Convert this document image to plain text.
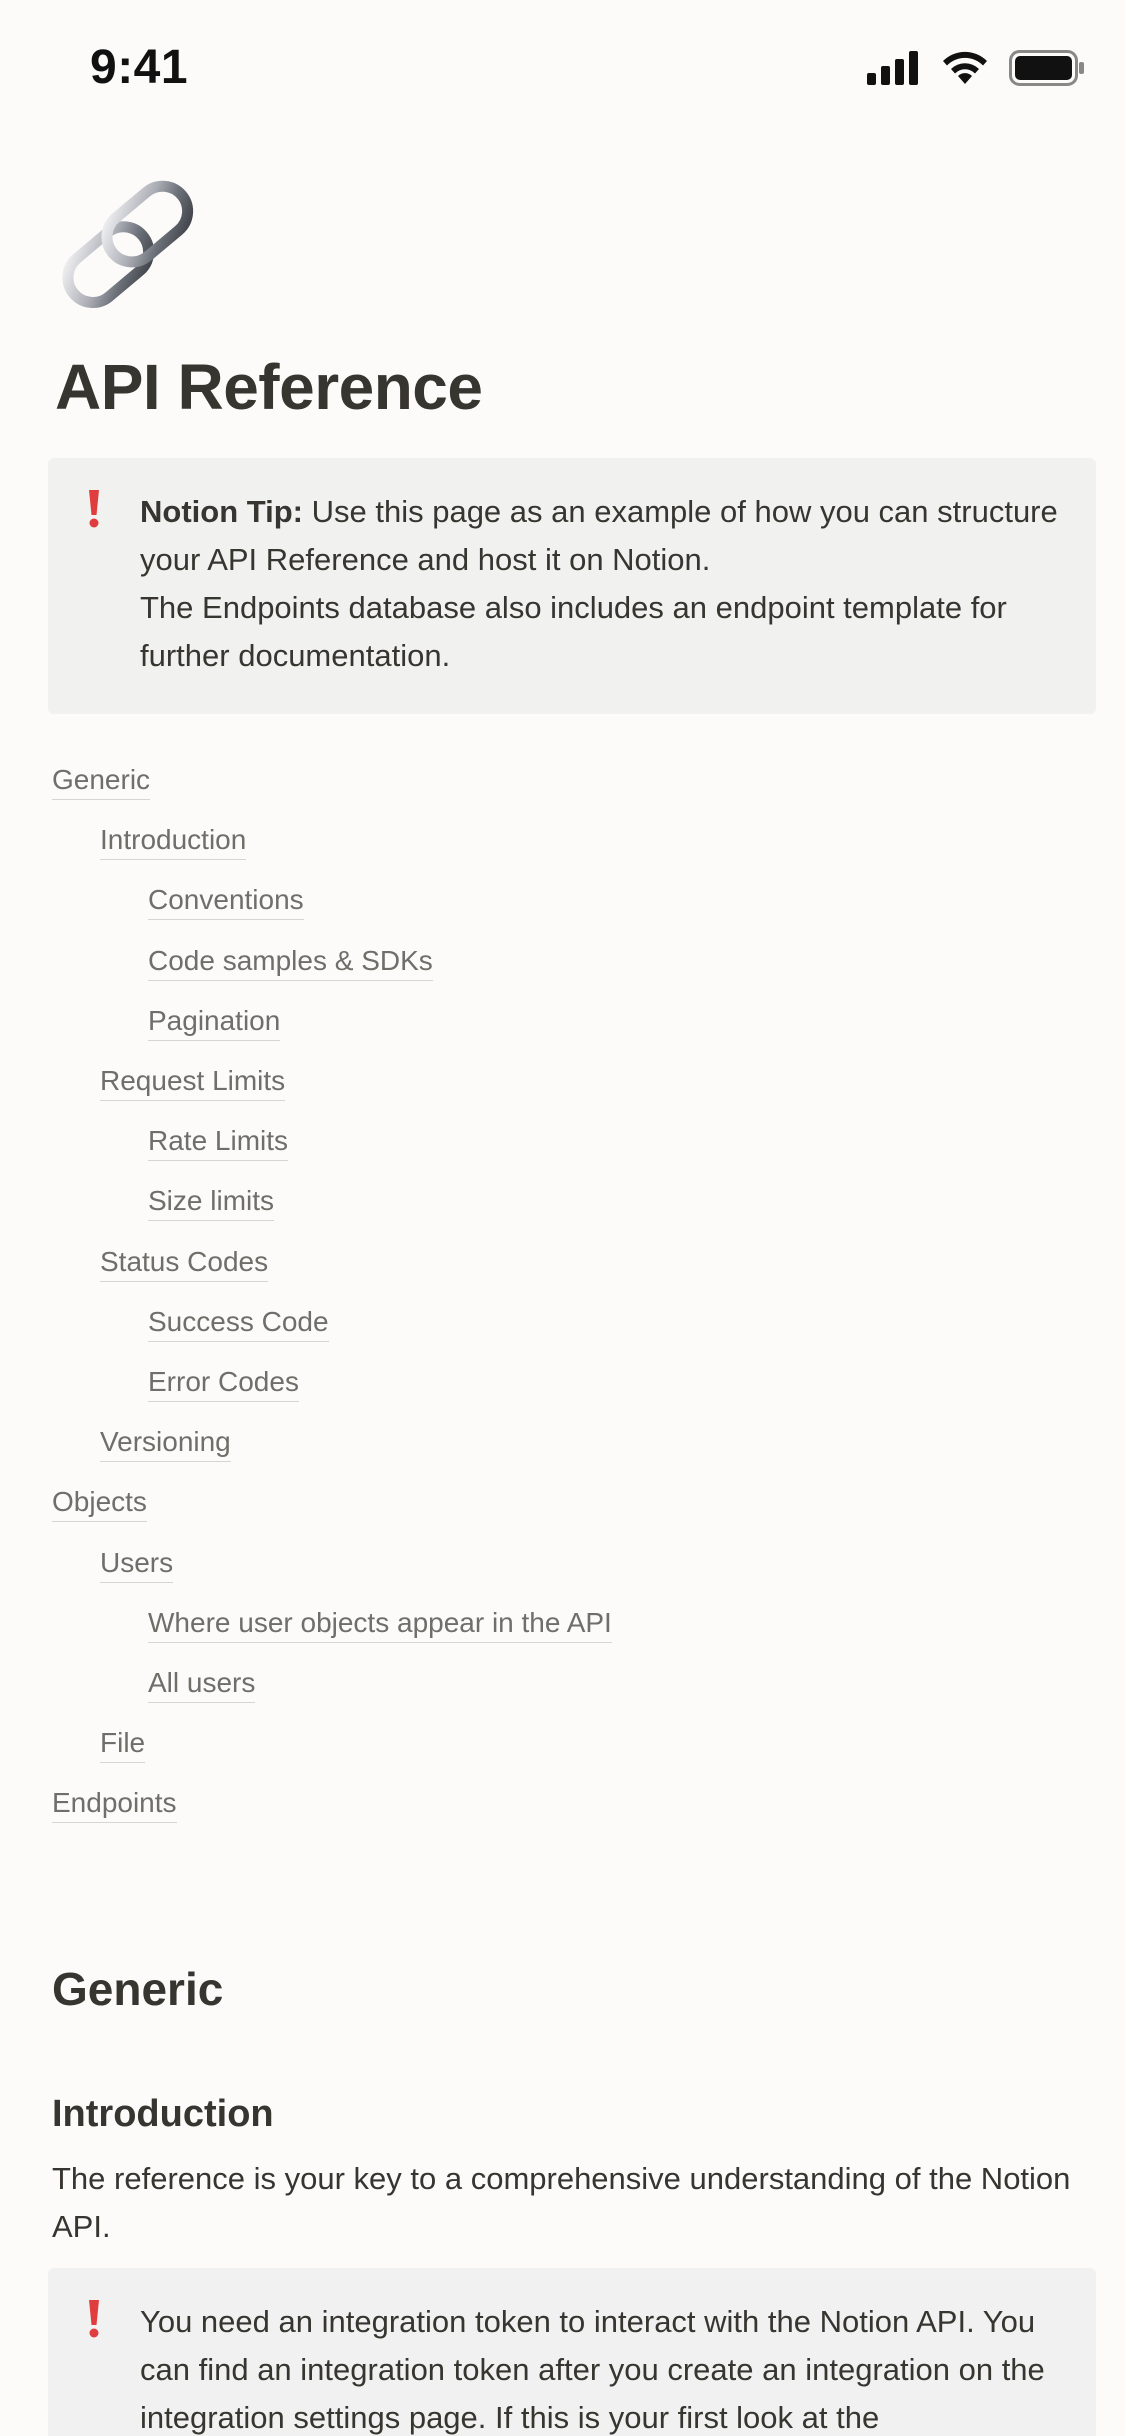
9:41
API Reference
Notion Tip: Use this page as an example of how you can structure your API Reference and host it on Notion.
The Endpoints database also includes an endpoint template for further documentation.
Generic
Introduction
Conventions
Code samples & SDKs
Pagination
Request Limits
Rate Limits
Size limits
Status Codes
Success Code
Error Codes
Versioning
Objects
Users
Where user objects appear in the API
All users
File
Endpoints
Generic
Introduction

The reference is your key to a comprehensive understanding of the Notion API.

You need an integration token to interact with the Notion API. You can find an integration token after you create an integration on the integration settings page. If this is your first look at the
